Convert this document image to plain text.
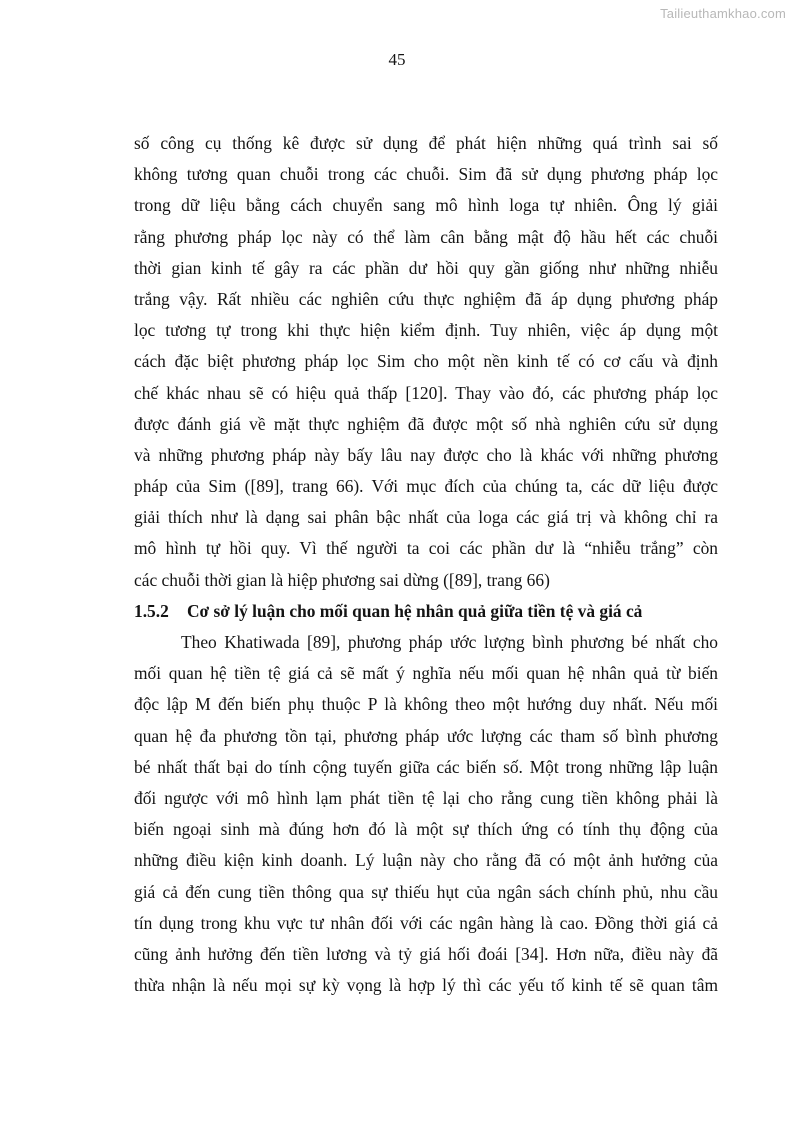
Tailieuthamkhao.com
45
số công cụ thống kê được sử dụng để phát hiện những quá trình sai số
không tương quan chuỗi trong các chuỗi. Sim đã sử dụng phương pháp lọc
trong dữ liệu bằng cách chuyển sang mô hình loga tự nhiên. Ông lý giải
rằng phương pháp lọc này có thể làm cân bằng mật độ hầu hết các chuỗi
thời gian kinh tế gây ra các phần dư hồi quy gần giống như những nhiễu
trắng vậy. Rất nhiều các nghiên cứu thực nghiệm đã áp dụng phương pháp
lọc tương tự trong khi thực hiện kiểm định. Tuy nhiên, việc áp dụng một
cách đặc biệt phương pháp lọc Sim cho một nền kinh tế có cơ cấu và định
chế khác nhau sẽ có hiệu quả thấp [120]. Thay vào đó, các phương pháp lọc
được đánh giá về mặt thực nghiệm đã được một số nhà nghiên cứu sử dụng
và những phương pháp này bấy lâu nay được cho là khác với những phương
pháp của Sim ([89], trang 66). Với mục đích của chúng ta, các dữ liệu được
giải thích như là dạng sai phân bậc nhất của loga các giá trị và không chỉ ra
mô hình tự hồi quy. Vì thế người ta coi các phần dư là “nhiễu trắng” còn
các chuỗi thời gian là hiệp phương sai dừng ([89], trang 66)
1.5.2 Cơ sở lý luận cho mối quan hệ nhân quả giữa tiền tệ và giá cả
Theo Khatiwada [89], phương pháp ước lượng bình phương bé nhất cho
mối quan hệ tiền tệ giá cả sẽ mất ý nghĩa nếu mối quan hệ nhân quả từ biến
độc lập M đến biến phụ thuộc P là không theo một hướng duy nhất. Nếu mối
quan hệ đa phương tồn tại, phương pháp ước lượng các tham số bình phương
bé nhất thất bại do tính cộng tuyến giữa các biến số. Một trong những lập luận
đối ngược với mô hình lạm phát tiền tệ lại cho rằng cung tiền không phải là
biến ngoại sinh mà đúng hơn đó là một sự thích ứng có tính thụ động của
những điều kiện kinh doanh. Lý luận này cho rằng đã có một ảnh hưởng của
giá cả đến cung tiền thông qua sự thiếu hụt của ngân sách chính phủ, nhu cầu
tín dụng trong khu vực tư nhân đối với các ngân hàng là cao. Đồng thời giá cả
cũng ảnh hưởng đến tiền lương và tỷ giá hối đoái [34]. Hơn nữa, điều này đã
thừa nhận là nếu mọi sự kỳ vọng là hợp lý thì các yếu tố kinh tế sẽ quan tâm
